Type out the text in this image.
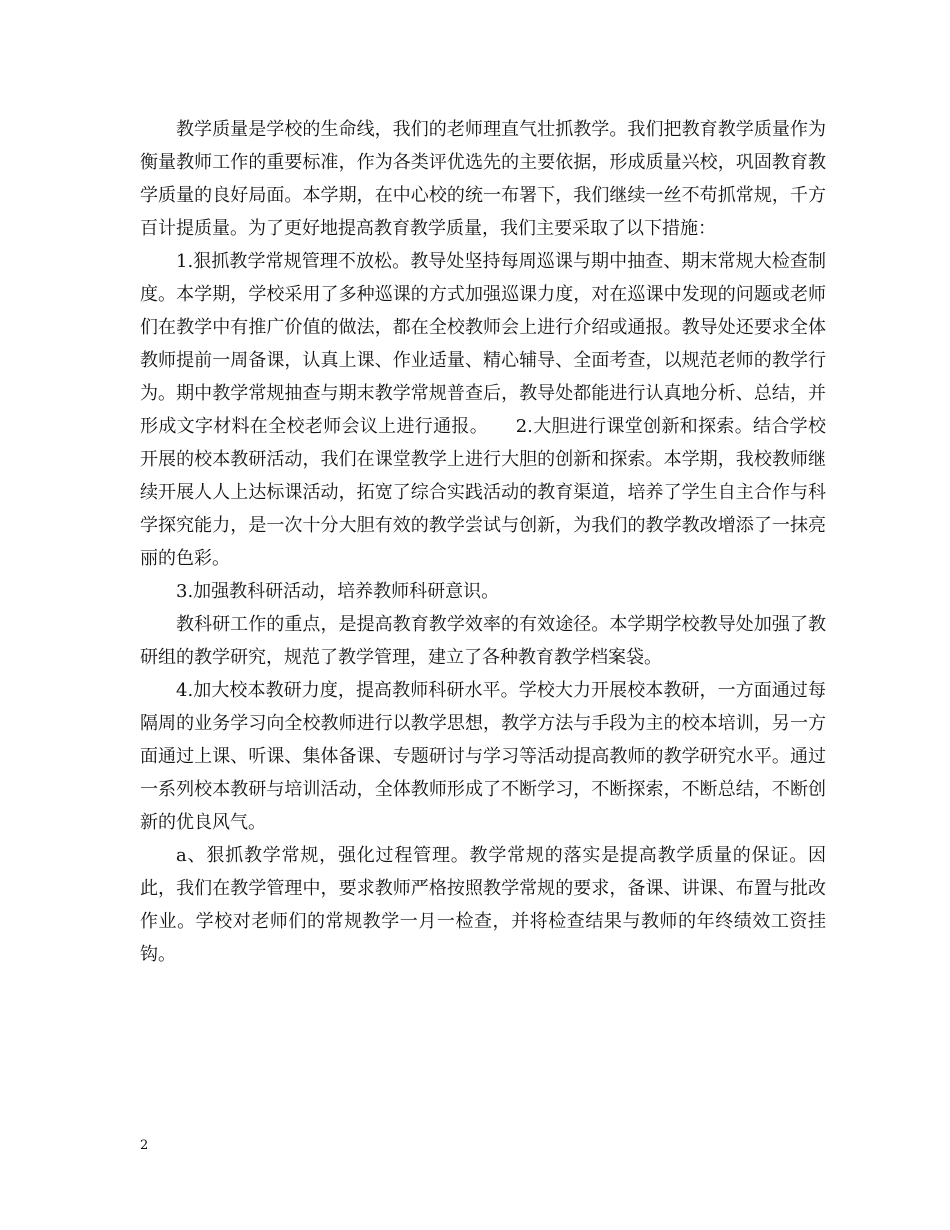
教学质量是学校的生命线，我们的老师理直气壮抓教学。我们把教育教学质量作为衡量教师工作的重要标准，作为各类评优选先的主要依据，形成质量兴校，巩固教育教学质量的良好局面。本学期，在中心校的统一布署下，我们继续一丝不苟抓常规，千方百计提质量。为了更好地提高教育教学质量，我们主要采取了以下措施：

1.狠抓教学常规管理不放松。教导处坚持每周巡课与期中抽查、期末常规大检查制度。本学期，学校采用了多种巡课的方式加强巡课力度，对在巡课中发现的问题或老师们在教学中有推广价值的做法，都在全校教师会上进行介绍或通报。教导处还要求全体教师提前一周备课，认真上课、作业适量、精心辅导、全面考查，以规范老师的教学行为。期中教学常规抽查与期末教学常规普查后，教导处都能进行认真地分析、总结，并形成文字材料在全校老师会议上进行通报。　　2.大胆进行课堂创新和探索。结合学校开展的校本教研活动，我们在课堂教学上进行大胆的创新和探索。本学期，我校教师继续开展人人上达标课活动，拓宽了综合实践活动的教育渠道，培养了学生自主合作与科学探究能力，是一次十分大胆有效的教学尝试与创新，为我们的教学教改增添了一抹亮丽的色彩。

3.加强教科研活动，培养教师科研意识。

教科研工作的重点，是提高教育教学效率的有效途径。本学期学校教导处加强了教研组的教学研究，规范了教学管理，建立了各种教育教学档案袋。

4.加大校本教研力度，提高教师科研水平。学校大力开展校本教研，一方面通过每隔周的业务学习向全校教师进行以教学思想，教学方法与手段为主的校本培训，另一方面通过上课、听课、集体备课、专题研讨与学习等活动提高教师的教学研究水平。通过一系列校本教研与培训活动，全体教师形成了不断学习，不断探索，不断总结，不断创新的优良风气。

a、狠抓教学常规，强化过程管理。教学常规的落实是提高教学质量的保证。因此，我们在教学管理中，要求教师严格按照教学常规的要求，备课、讲课、布置与批改作业。学校对老师们的常规教学一月一检查，并将检查结果与教师的年终绩效工资挂钩。

2
